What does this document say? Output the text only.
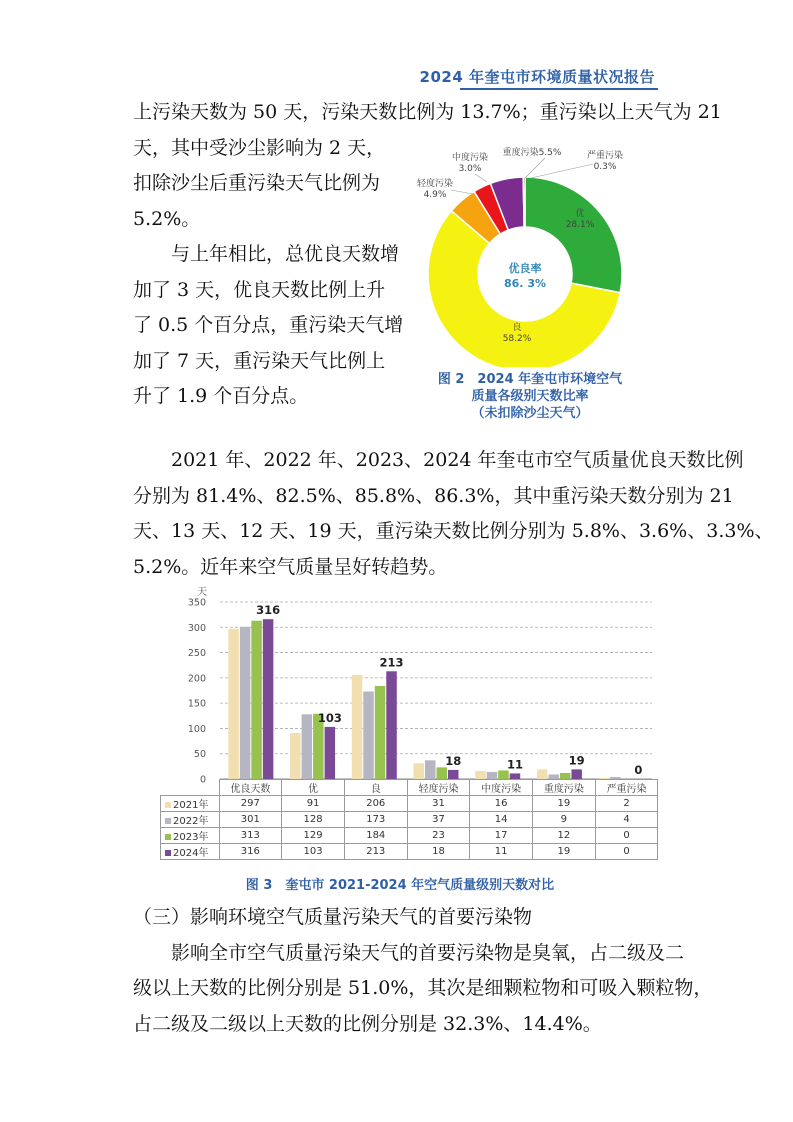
2024 年奎屯市环境质量状况报告

上污染天数为 50 天，污染天数比例为 13.7%；重污染以上天气为 21

天，其中受沙尘影响为 2 天，

扣除沙尘后重污染天气比例为

5.2%。

与上年相比，总优良天数增

加了 3 天，优良天数比例上升

了 0.5 个百分点，重污染天气增

加了 7 天，重污染天气比例上

升了 1.9 个百分点。

优
28.1%
良
58.2%
轻度污染
4.9%
中度污染
3.0%
重度污染5.5%	严重污染
0.3%
优良率
86. 3%
图 2　2024 年奎屯市环境空气
质量各级别天数比率
（未扣除沙尘天气）

2021 年、2022 年、2023、2024 年奎屯市空气质量优良天数比例

分别为 81.4%、82.5%、85.8%、86.3%，其中重污染天数分别为 21

天、13 天、12 天、19 天，重污染天数比例分别为 5.8%、3.6%、3.3%、

5.2%。近年来空气质量呈好转趋势。

天
0
50
100
150
200
250
300
350
316
103
213
18	11	19
0
	优良天数	优	良	轻度污染	中度污染	重度污染	严重污染
2021年	297	91	206	31	16	19	2
2022年	301	128	173	37	14	9	4
2023年	313	129	184	23	17	12	0
2024年	316	103	213	18	11	19	0
图 3　奎屯市 2021-2024 年空气质量级别天数对比

（三）影响环境空气质量污染天气的首要污染物

影响全市空气质量污染天气的首要污染物是臭氧，占二级及二

级以上天数的比例分别是 51.0%，其次是细颗粒物和可吸入颗粒物，

占二级及二级以上天数的比例分别是 32.3%、14.4%。
